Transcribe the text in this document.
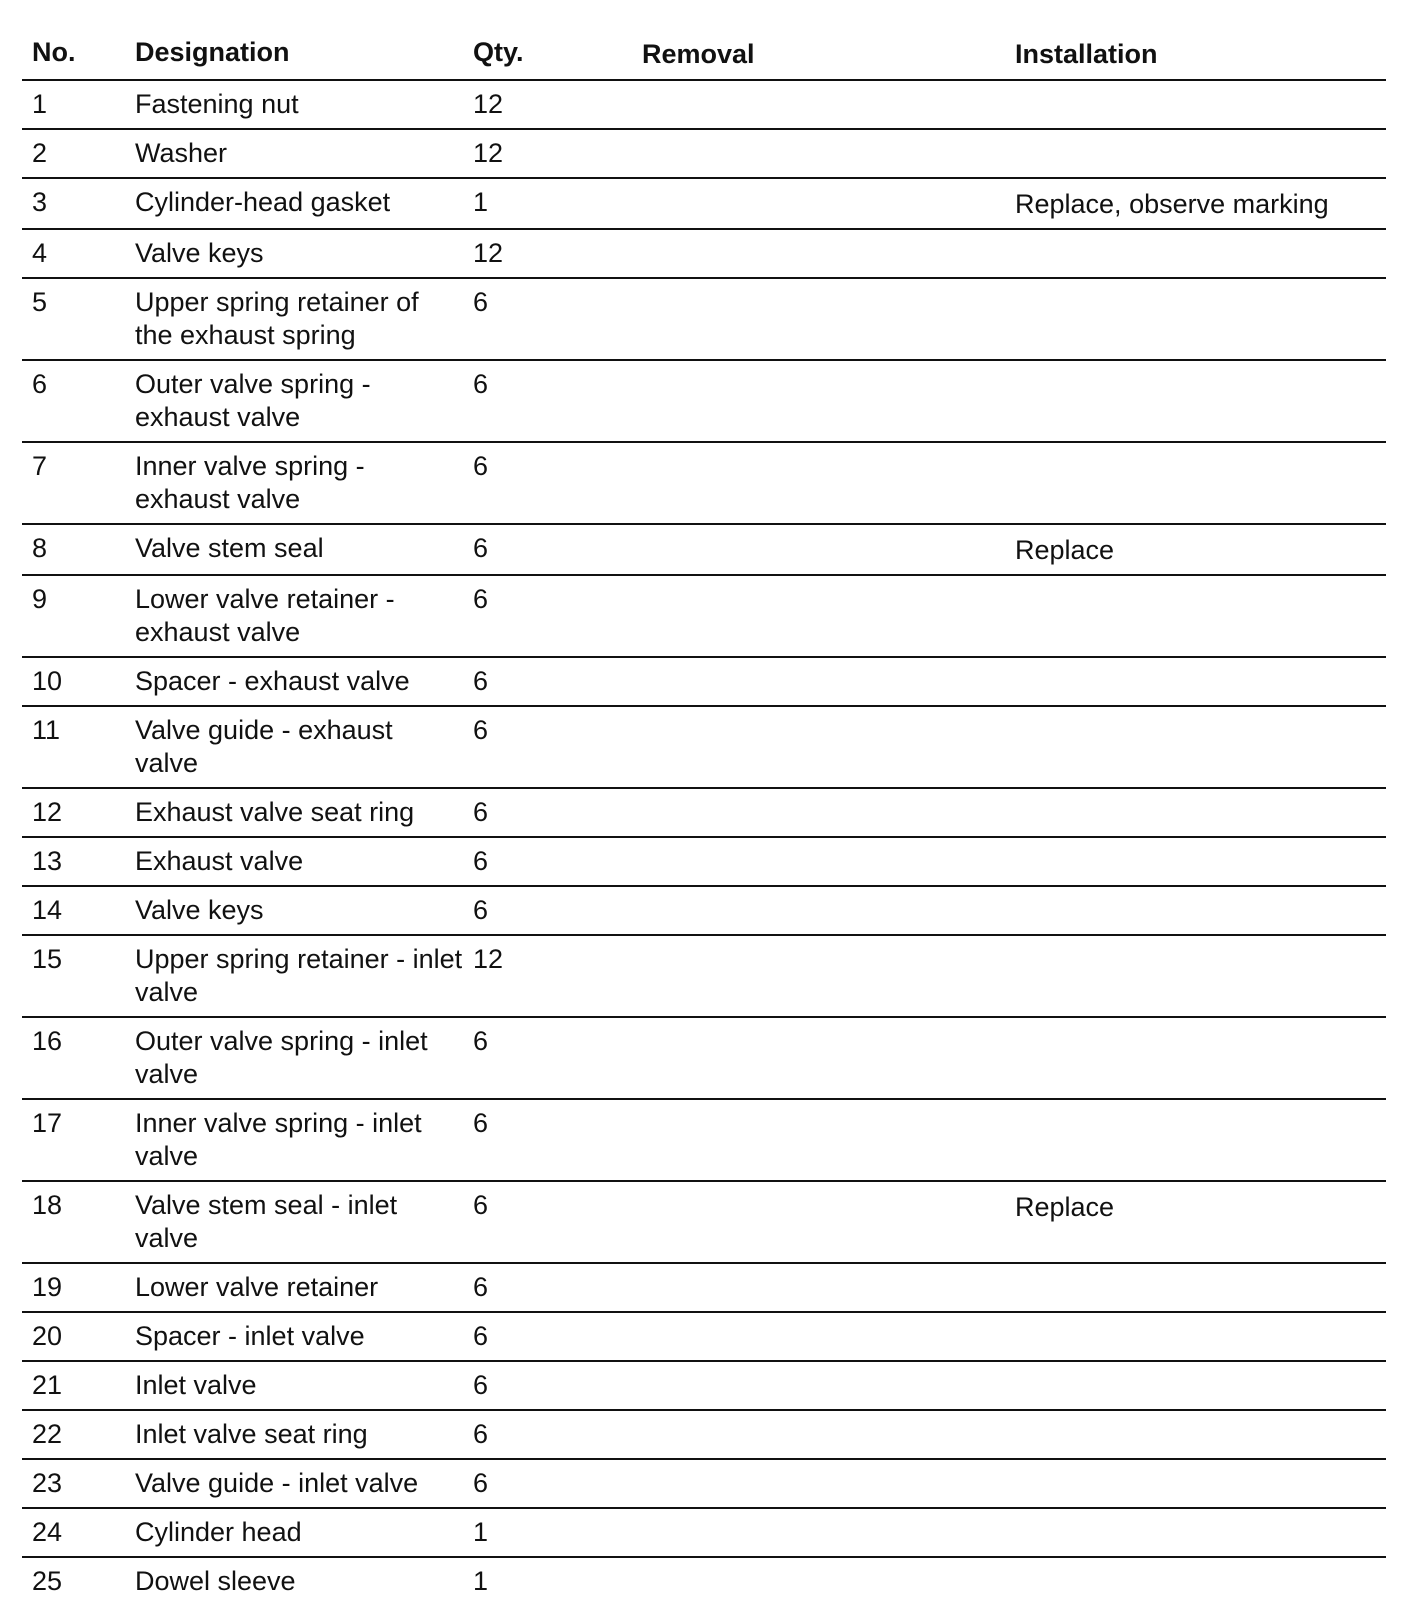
No.	Designation	Qty.	Removal	Installation
1	Fastening nut	12		
2	Washer	12		
3	Cylinder-head gasket	1		Replace, observe marking
4	Valve keys	12		
5	Upper spring retainer of the exhaust spring	6		
6	Outer valve spring - exhaust valve	6		
7	Inner valve spring - exhaust valve	6		
8	Valve stem seal	6		Replace
9	Lower valve retainer - exhaust valve	6		
10	Spacer - exhaust valve	6		
11	Valve guide - exhaust valve	6		
12	Exhaust valve seat ring	6		
13	Exhaust valve	6		
14	Valve keys	6		
15	Upper spring retainer - inlet valve	12		
16	Outer valve spring - inlet valve	6		
17	Inner valve spring - inlet valve	6		
18	Valve stem seal - inlet valve	6		Replace
19	Lower valve retainer	6		
20	Spacer - inlet valve	6		
21	Inlet valve	6		
22	Inlet valve seat ring	6		
23	Valve guide - inlet valve	6		
24	Cylinder head	1		
25	Dowel sleeve	1		
